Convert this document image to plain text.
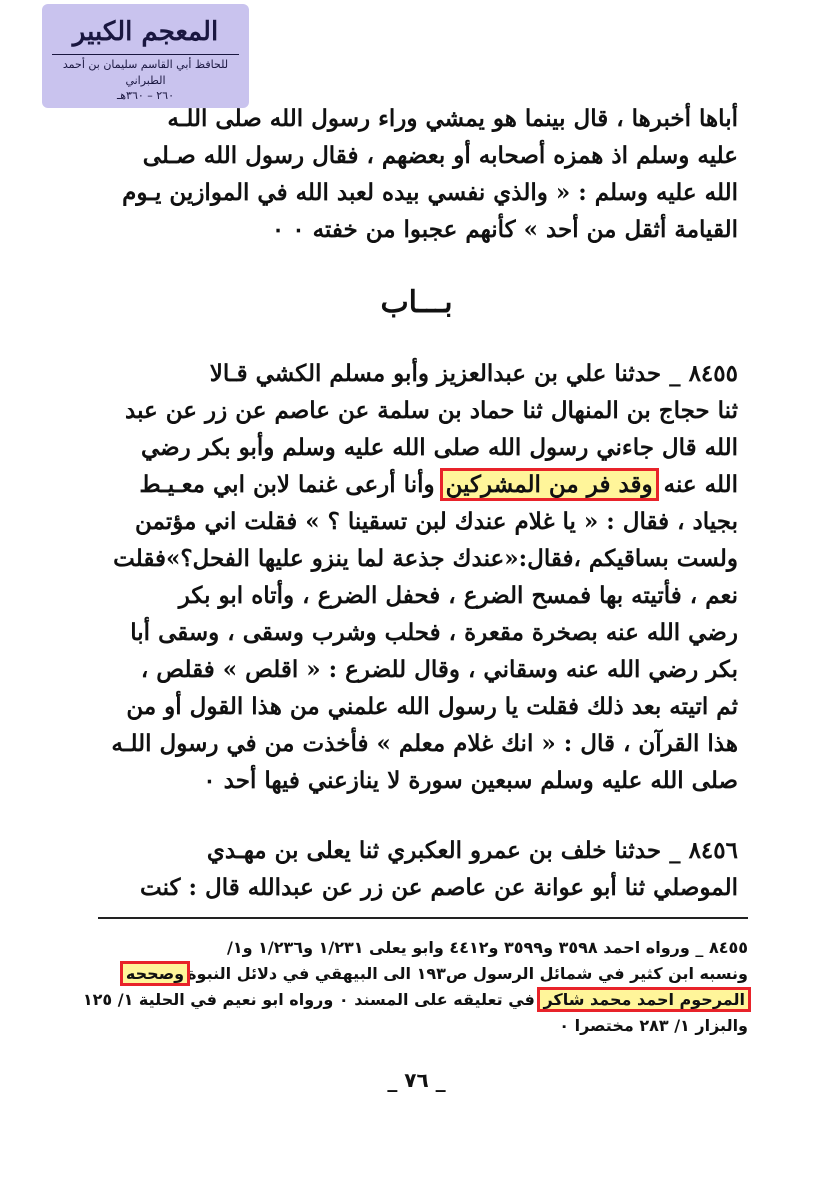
المعجم الكبير
للحافظ أبي القاسم سليمان بن أحمد الطبراني
٢٦٠ – ٣٦٠هـ
أباها أخبرها ، قال بينما هو يمشي وراء رسول الله صلى اللـه
عليه وسلم اذ همزه أصحابه أو بعضهم ، فقال رسول الله صـلى
الله عليه وسلم : « والذي نفسي بيده لعبد الله في الموازين يـوم
القيامة أثقل من أحد » كأنهم عجبوا من خفته ٠ ٠
بـــاب
٨٤٥٥ _ حدثنا علي بن عبدالعزيز وأبو مسلم الكشي قـالا
ثنا حجاج بن المنهال ثنا حماد بن سلمة عن عاصم عن زر عن عبد
الله قال جاءني رسول الله صلى الله عليه وسلم وأبو بكر رضي
الله عنه وقد فر من المشركين وأنا أرعى غنما لابن ابي معـيـط
بجياد ، فقال : « يا غلام عندك لبن تسقينا ؟ » فقلت اني مؤتمن
ولست بساقيكم ،فقال:«عندك جذعة لما ينزو عليها الفحل؟»فقلت
نعم ، فأتيته بها فمسح الضرع ، فحفل الضرع ، وأتاه ابو بكر
رضي الله عنه بصخرة مقعرة ، فحلب وشرب وسقى ، وسقى أبا
بكر رضي الله عنه وسقاني ، وقال للضرع : « اقلص » فقلص ،
ثم اتيته بعد ذلك فقلت يا رسول الله علمني من هذا القول أو من
هذا القرآن ، قال : « انك غلام معلم » فأخذت من في رسول اللـه
صلى الله عليه وسلم سبعين سورة لا ينازعني فيها أحد ٠
٨٤٥٦ _ حدثنا خلف بن عمرو العكبري ثنا يعلى بن مهـدي
الموصلي ثنا أبو عوانة عن عاصم عن زر عن عبدالله قال : كنت
٨٤٥٥ _ ورواه احمد ٣٥٩٨ و٣٥٩٩ و٤٤١٢ وابو يعلى ١/٢٣١ و١/٢٣٦ و١/
ونسبه ابن كثير في شمائل الرسول ص١٩٣ الى البيهقي في دلائل النبوةوصححه
المرحوم احمد محمد شاكر في تعليقه على المسند ٠ ورواه ابو نعيم في الحلية ١/ ١٢٥
والبزار ١/ ٢٨٣ مختصرا ٠
_ ٧٦ _
